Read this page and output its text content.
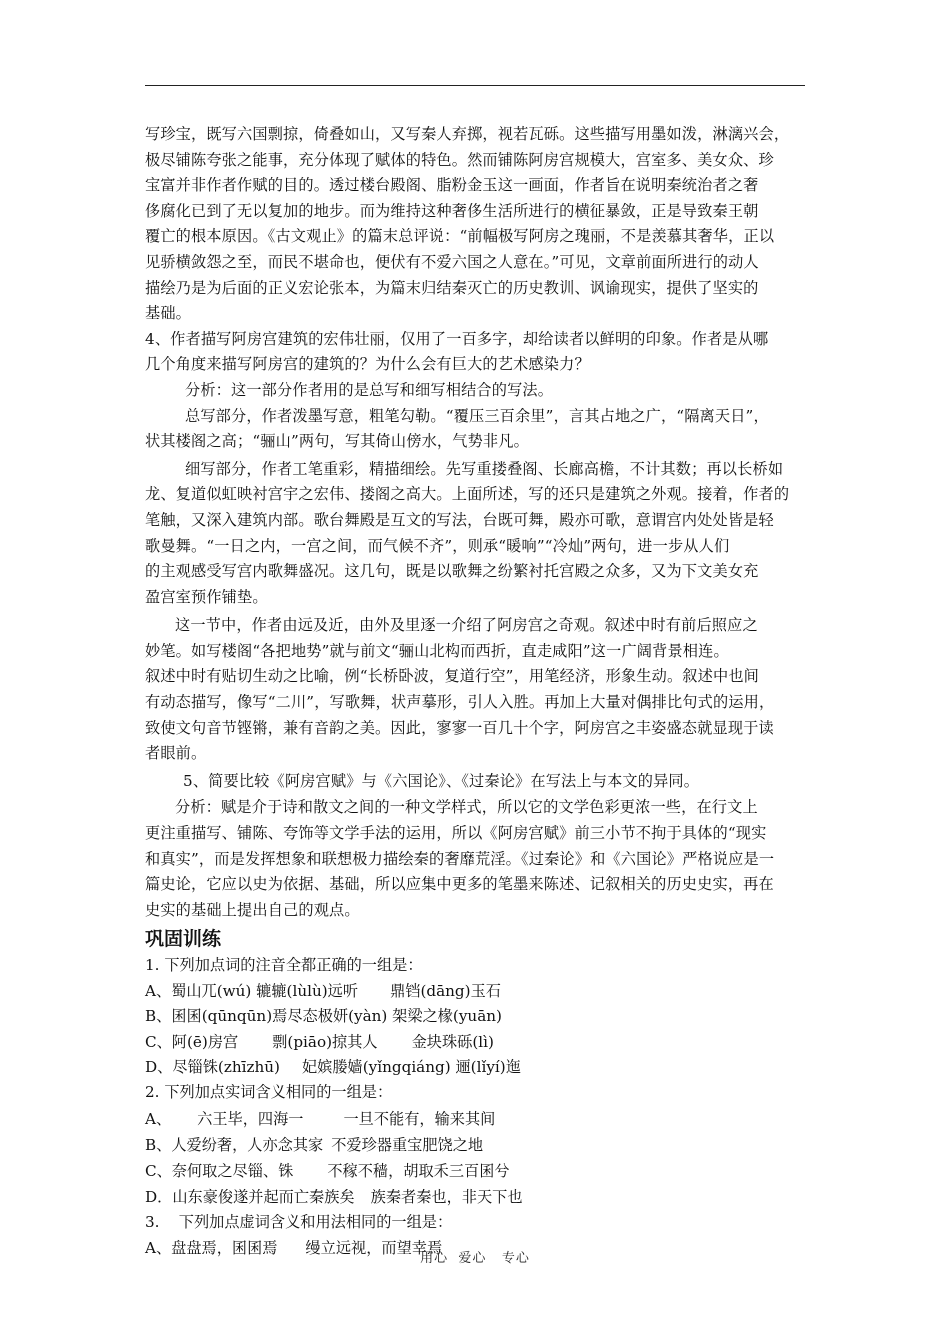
写珍宝，既写六国剽掠，倚叠如山，又写秦人弃掷，视若瓦砾。这些描写用墨如泼，淋漓兴会，
极尽铺陈夸张之能事，充分体现了赋体的特色。然而铺陈阿房宫规模大，宫室多、美女众、珍
宝富并非作者作赋的目的。透过楼台殿阁、脂粉金玉这一画面，作者旨在说明秦统治者之奢
侈腐化已到了无以复加的地步。而为维持这种奢侈生活所进行的横征暴敛，正是导致秦王朝
覆亡的根本原因。《古文观止》的篇末总评说：“前幅极写阿房之瑰丽，不是羡慕其奢华，正以
见骄横敛怨之至，而民不堪命也，便伏有不爱六国之人意在。”可见，文章前面所进行的动人
描绘乃是为后面的正义宏论张本，为篇末归结秦灭亡的历史教训、讽谕现实，提供了坚实的
基础。
4、作者描写阿房宫建筑的宏伟壮丽，仅用了一百多字，却给读者以鲜明的印象。作者是从哪
几个角度来描写阿房宫的建筑的？为什么会有巨大的艺术感染力？
分析：这一部分作者用的是总写和细写相结合的写法。
总写部分，作者泼墨写意，粗笔勾勒。“覆压三百余里”，言其占地之广，“隔离天日”，
状其楼阁之高；“骊山”两句，写其倚山傍水，气势非凡。
细写部分，作者工笔重彩，精描细绘。先写重搂叠阁、长廊高檐，不计其数；再以长桥如
龙、复道似虹映衬宫宇之宏伟、搂阁之高大。上面所述，写的还只是建筑之外观。接着，作者的
笔触，又深入建筑内部。歌台舞殿是互文的写法，台既可舞，殿亦可歌，意谓宫内处处皆是轻
歌曼舞。“一日之内，一宫之间，而气候不齐”，则承“暖响”“冷灿”两句，进一步从人们
的主观感受写宫内歌舞盛况。这几句，既是以歌舞之纷繁衬托宫殿之众多，又为下文美女充
盈宫室预作铺垫。
这一节中，作者由远及近，由外及里逐一介绍了阿房宫之奇观。叙述中时有前后照应之
妙笔。如写楼阁“各把地势”就与前文“骊山北构而西折，直走咸阳”这一广阔背景相连。
叙述中时有贴切生动之比喻，例“长桥卧波，复道行空”，用笔经济，形象生动。叙述中也间
有动态描写，像写“二川”，写歌舞，状声摹形，引人入胜。再加上大量对偶排比句式的运用，
致使文句音节铿锵，兼有音韵之美。因此，寥寥一百几十个字，阿房宫之丰姿盛态就显现于读
者眼前。
5、简要比较《阿房宫赋》与《六国论》、《过秦论》在写法上与本文的异同。
分析：赋是介于诗和散文之间的一种文学样式，所以它的文学色彩更浓一些，在行文上
更注重描写、铺陈、夸饰等文学手法的运用，所以《阿房宫赋》前三小节不拘于具体的“现实
和真实”，而是发挥想象和联想极力描绘秦的奢靡荒淫。《过秦论》和《六国论》严格说应是一
篇史论，它应以史为依据、基础，所以应集中更多的笔墨来陈述、记叙相关的历史史实，再在
史实的基础上提出自己的观点。
巩固训练
1. 下列加点词的注音全都正确的一组是：
A、蜀山兀(wú) 辘辘(lùlù)远听 鼎铛(dāng)玉石
B、囷囷(qūnqūn)焉尽态极妍(yàn) 架梁之椽(yuān)
C、阿(ē)房宫 剽(piāo)掠其人 金块珠砾(lì)
D、尽锱铢(zhīzhū) 妃嫔媵嫱(yǐngqiáng) 逦(lǐyí)迤
2. 下列加点实词含义相同的一组是：
A、 六王毕，四海一	一旦不能有，输来其间
B、人爱纷奢，人亦念其家 不爱珍器重宝肥饶之地
C、奈何取之尽锱、铢 不稼不穑，胡取禾三百囷兮
D．山东豪俊遂并起而亡秦族矣 族秦者秦也，非天下也
3.    下列加点虚词含义和用法相同的一组是：
A、盘盘焉，囷囷焉 缦立远视，而望幸焉
用心  爱心   专心
